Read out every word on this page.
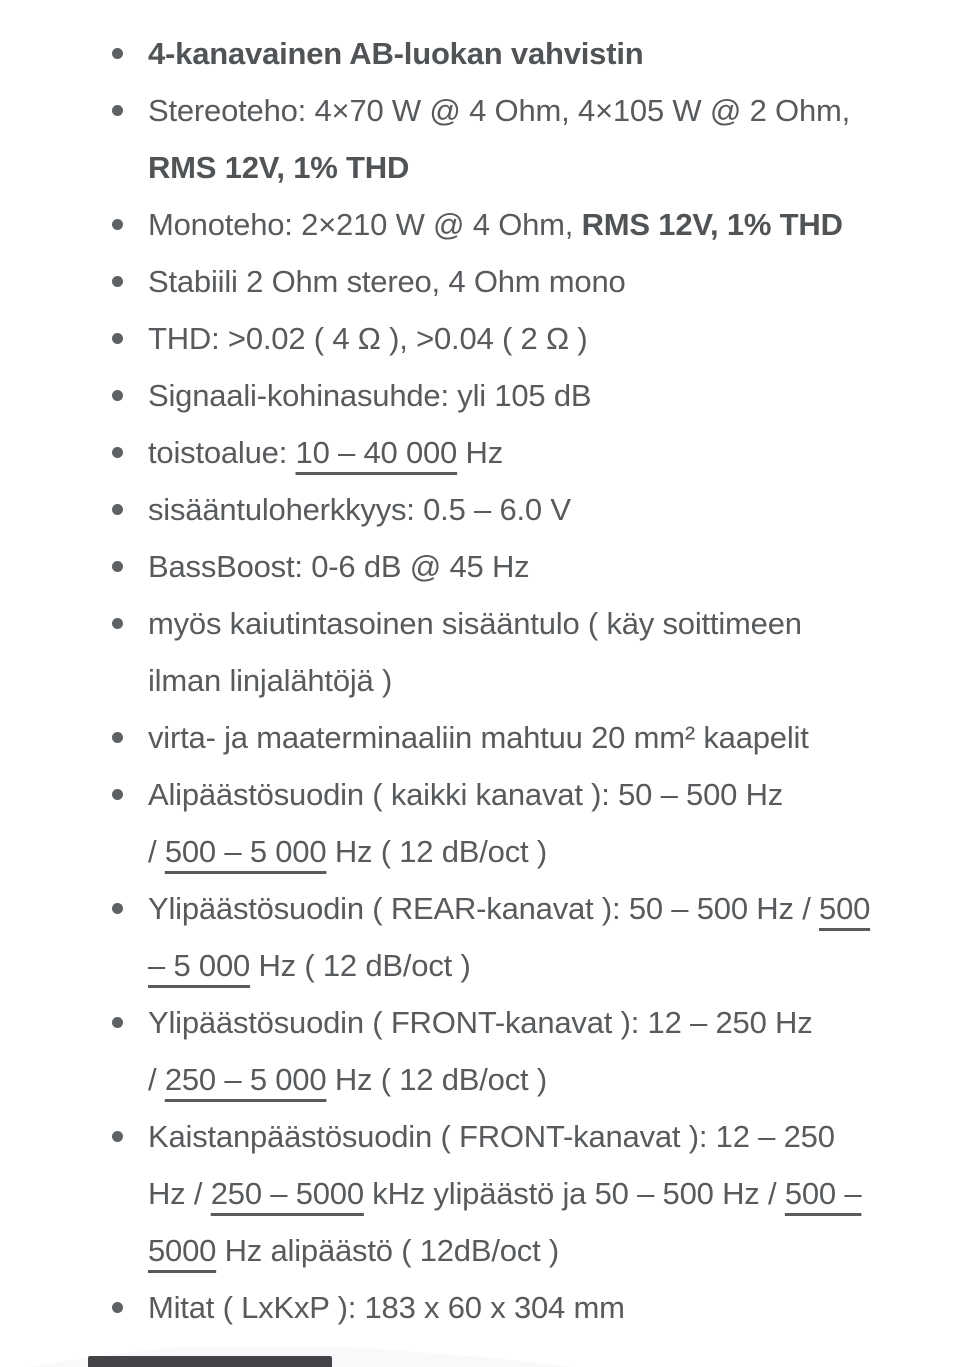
4-kanavainen AB-luokan vahvistin
Stereoteho: 4×70 W @ 4 Ohm, 4×105 W @ 2 Ohm,
RMS 12V, 1% THD
Monoteho: 2×210 W @ 4 Ohm, RMS 12V, 1% THD
Stabiili 2 Ohm stereo, 4 Ohm mono
THD: >0.02 ( 4 Ω ), >0.04 ( 2 Ω )
Signaali-kohinasuhde: yli 105 dB
toistoalue: 10 – 40 000 Hz
sisääntuloherkkyys: 0.5 – 6.0 V
BassBoost: 0-6 dB @ 45 Hz
myös kaiutintasoinen sisääntulo ( käy soittimeen
ilman linjalähtöjä )
virta- ja maaterminaaliin mahtuu 20 mm² kaapelit
Alipäästösuodin ( kaikki kanavat ): 50 – 500 Hz
/ 500 – 5 000 Hz ( 12 dB/oct )
Ylipäästösuodin ( REAR-kanavat ): 50 – 500 Hz / 500
– 5 000 Hz ( 12 dB/oct )
Ylipäästösuodin ( FRONT-kanavat ): 12 – 250 Hz
/ 250 – 5 000 Hz ( 12 dB/oct )
Kaistanpäästösuodin ( FRONT-kanavat ): 12 – 250
Hz / 250 – 5000 kHz ylipäästö ja 50 – 500 Hz / 500 –
5000 Hz alipäästö ( 12dB/oct )
Mitat ( LxKxP ): 183 x 60 x 304 mm
